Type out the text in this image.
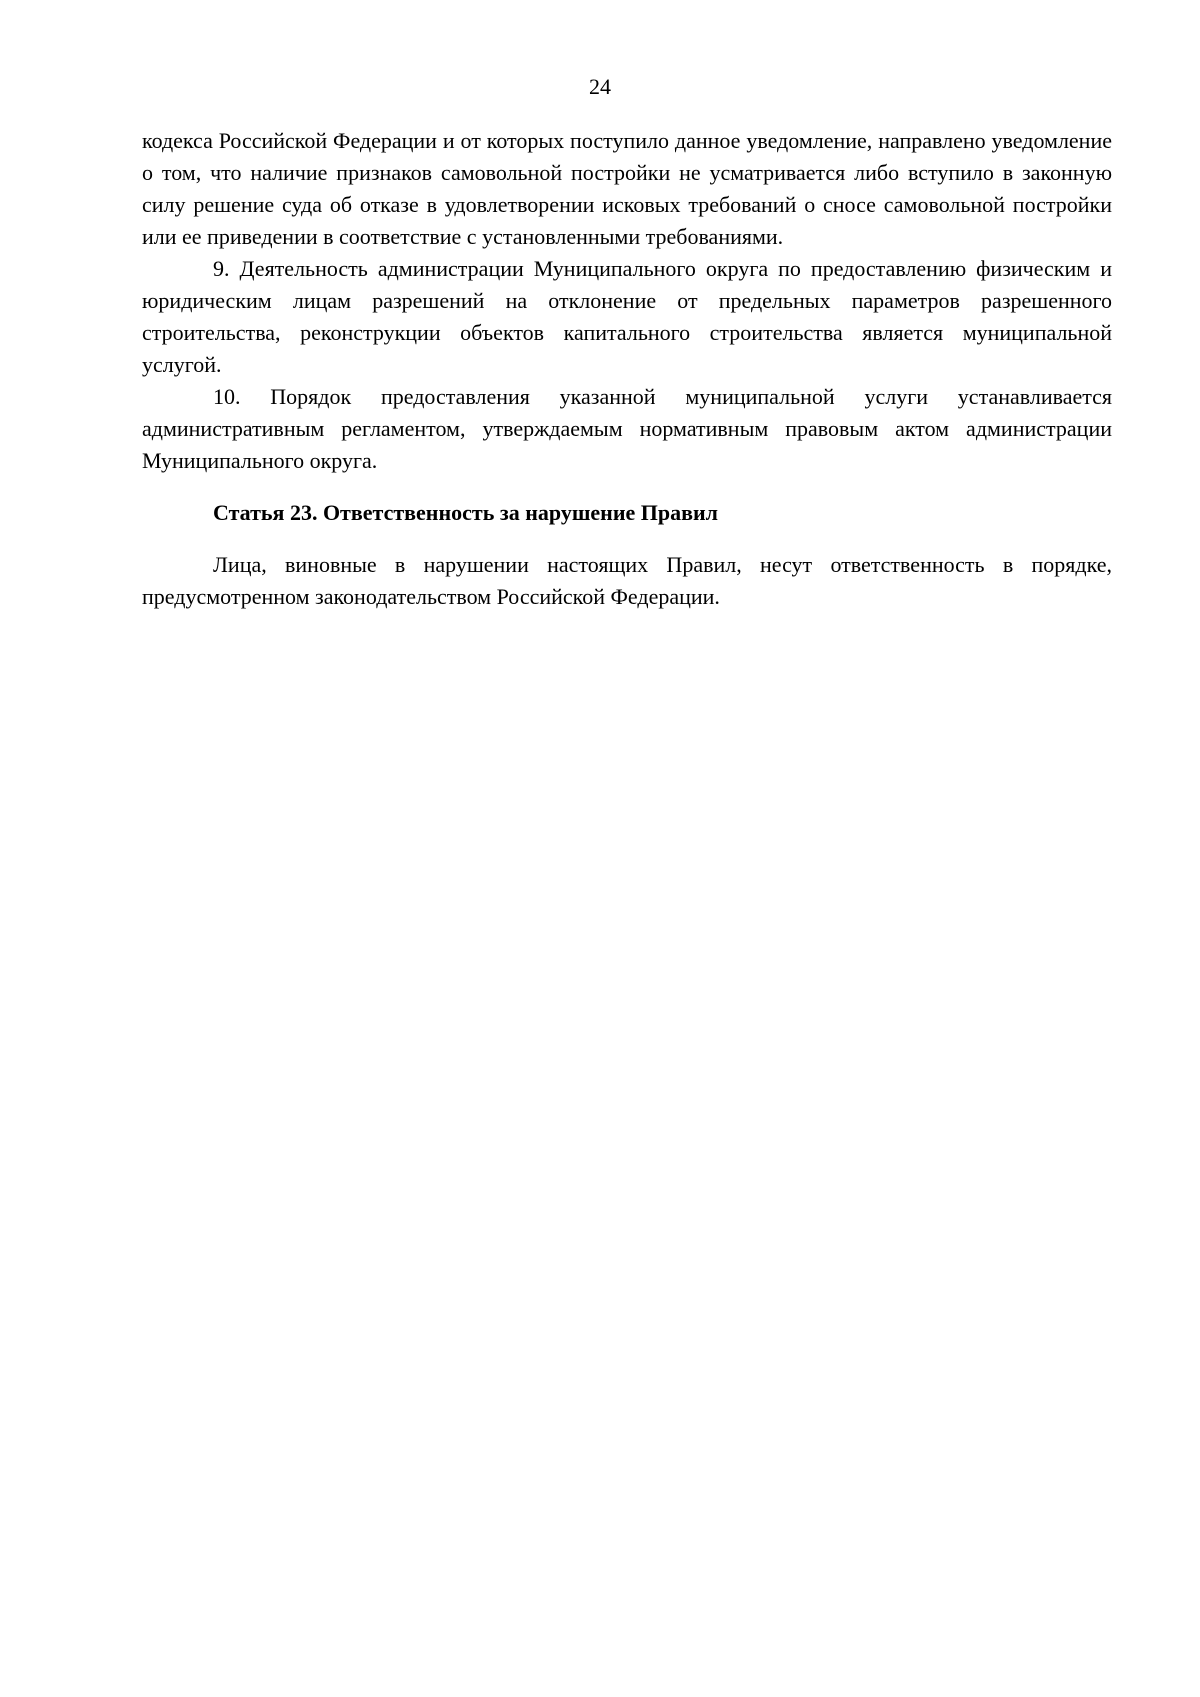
24

кодекса Российской Федерации и от которых поступило данное уведомление, направлено уведомление о том, что наличие признаков самовольной постройки не усматривается либо вступило в законную силу решение суда об отказе в удовлетворении исковых требований о сносе самовольной постройки или ее приведении в соответствие с установленными требованиями.

9. Деятельность администрации Муниципального округа по предоставлению физическим и юридическим лицам разрешений на отклонение от предельных параметров разрешенного строительства, реконструкции объектов капитального строительства является муниципальной услугой.

10. Порядок предоставления указанной муниципальной услуги устанавливается административным регламентом, утверждаемым нормативным правовым актом администрации Муниципального округа.

Статья 23. Ответственность за нарушение Правил

Лица, виновные в нарушении настоящих Правил, несут ответственность в порядке, предусмотренном законодательством Российской Федерации.
